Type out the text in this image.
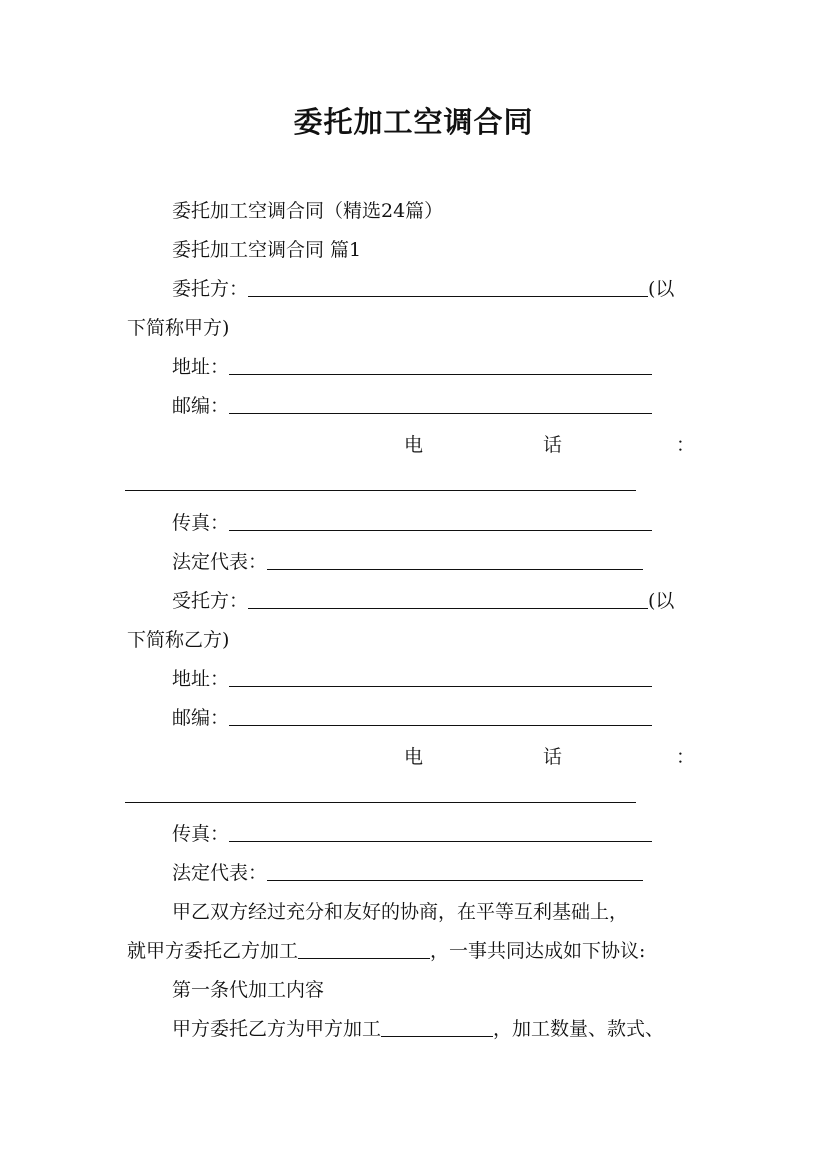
委托加工空调合同
委托加工空调合同（精选24篇）
委托加工空调合同 篇1
委托方：	(以
下简称甲方)
地址：
邮编：
电	话	：
传真：
法定代表：
受托方：	(以
下简称乙方)
地址：
邮编：
电	话	：
传真：
法定代表：
甲乙双方经过充分和友好的协商，在平等互利基础上，
就甲方委托乙方加工	，一事共同达成如下协议:
第一条代加工内容
甲方委托乙方为甲方加工	，加工数量、款式、
